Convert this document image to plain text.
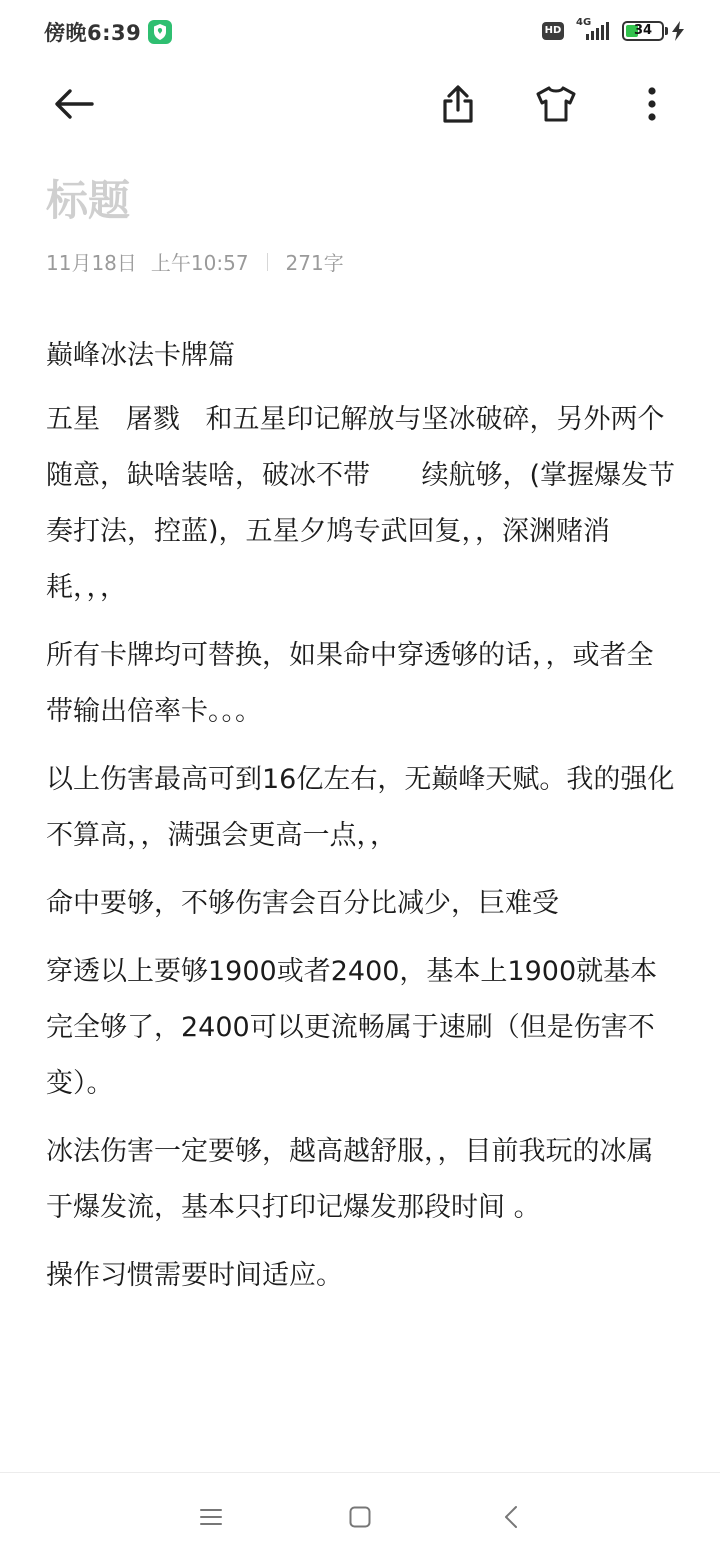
傍晚6:39	HD
4G
34
标题
11月18日 上午10:57 271字

巅峰冰法卡牌篇

五星   屠戮   和五星印记解放与坚冰破碎，另外两个随意，缺啥装啥，破冰不带      续航够，(掌握爆发节奏打法，控蓝)，五星夕鸠专武回复，，深渊赌消耗，，，

所有卡牌均可替换，如果命中穿透够的话，，或者全带输出倍率卡。。。

以上伤害最高可到16亿左右，无巅峰天赋。我的强化不算高，，满强会更高一点，，

命中要够，不够伤害会百分比减少，巨难受

穿透以上要够1900或者2400，基本上1900就基本完全够了，2400可以更流畅属于速刷（但是伤害不变）。

冰法伤害一定要够，越高越舒服，，目前我玩的冰属于爆发流，基本只打印记爆发那段时间 。

操作习惯需要时间适应。
